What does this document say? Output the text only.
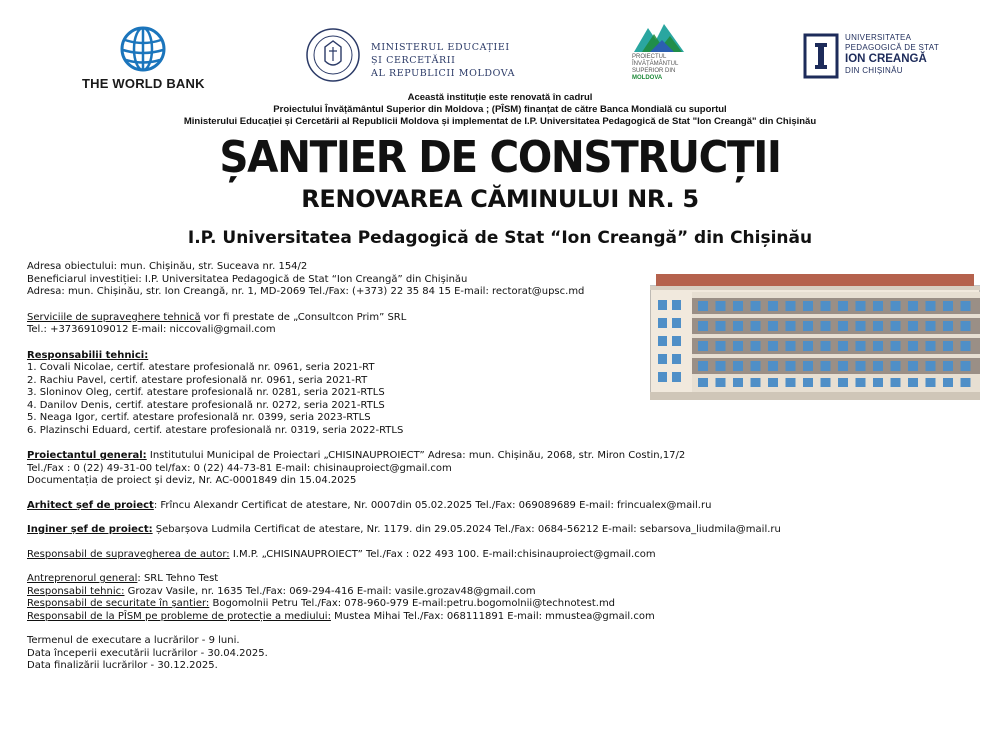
THE WORLD BANK
MINISTERUL EDUCAȚIEI
ȘI CERCETĂRII
AL REPUBLICII MOLDOVA
PROIECTUL
ÎNVĂȚĂMÂNTUL
SUPERIOR DIN
MOLDOVA
UNIVERSITATEA
PEDAGOGICĂ DE STAT
ION CREANGĂ
DIN CHIȘINĂU
Această instituție este renovată în cadrul
Proiectului Învățământul Superior din Moldova ; (PÎSM) finanțat de către Banca Mondială cu suportul
Ministerului Educației și Cercetării al Republicii Moldova și implementat de I.P. Universitatea Pedagogică de Stat "Ion Creangă" din Chișinău
ȘANTIER DE CONSTRUCȚII
RENOVAREA CĂMINULUI NR. 5
I.P. Universitatea Pedagogică de Stat “Ion Creangă” din Chișinău

Adresa obiectului: mun. Chișinău, str. Suceava nr. 154/2

Beneficiarul investiției: I.P. Universitatea Pedagogică de Stat “Ion Creangă” din Chișinău

Adresa: mun. Chișinău, str. Ion Creangă, nr. 1, MD-2069 Tel./Fax: (+373) 22 35 84 15 E-mail: rectorat@upsc.md

Serviciile de supraveghere tehnică vor fi prestate de „Consultcon Prim” SRL

Tel.: +37369109012 E-mail: niccovali@gmail.com

Responsabilii tehnici:

1. Covali Nicolae, certif. atestare profesională nr. 0961, seria 2021-RT
2. Rachiu Pavel, certif. atestare profesională nr. 0961, seria 2021-RT
3. Sloninov Oleg, certif. atestare profesională nr. 0281, seria 2021-RTLS
4. Danilov Denis, certif. atestare profesională nr. 0272, seria 2021-RTLS
5. Neaga Igor, certif. atestare profesională nr. 0399, seria 2023-RTLS
6. Plazinschi Eduard, certif. atestare profesională nr. 0319, seria 2022-RTLS

Proiectantul general: Institutului Municipal de Proiectari „CHISINAUPROIECT” Adresa: mun. Chișinău, 2068, str. Miron Costin,17/2

Tel./Fax : 0 (22) 49-31-00 tel/fax: 0 (22) 44-73-81 E-mail: chisinauproiect@gmail.com

Documentația de proiect și deviz, Nr. AC-0001849 din 15.04.2025

Arhitect șef de proiect: Frîncu Alexandr Certificat de atestare, Nr. 0007din 05.02.2025 Tel./Fax: 069089689 E-mail: frincualex@mail.ru

Inginer șef de proiect: Șebarșova Ludmila Certificat de atestare, Nr. 1179. din 29.05.2024 Tel./Fax: 0684-56212 E-mail: sebarsova_liudmila@mail.ru

Responsabil de supravegherea de autor: I.M.P. „CHISINAUPROIECT” Tel./Fax : 022 493 100. E-mail:chisinauproiect@gmail.com

Antreprenorul general: SRL Tehno Test

Responsabil tehnic: Grozav Vasile, nr. 1635 Tel./Fax: 069-294-416 E-mail: vasile.grozav48@gmail.com

Responsabil de securitate în șantier: Bogomolnii Petru Tel./Fax: 078-960-979 E-mail:petru.bogomolnii@technotest.md

Responsabil de la PÎSM pe probleme de protecție a mediului: Mustea Mihai Tel./Fax: 068111891 E-mail: mmustea@gmail.com

Termenul de executare a lucrărilor - 9 luni.

Data începerii executării lucrărilor - 30.04.2025.

Data finalizării lucrărilor - 30.12.2025.
